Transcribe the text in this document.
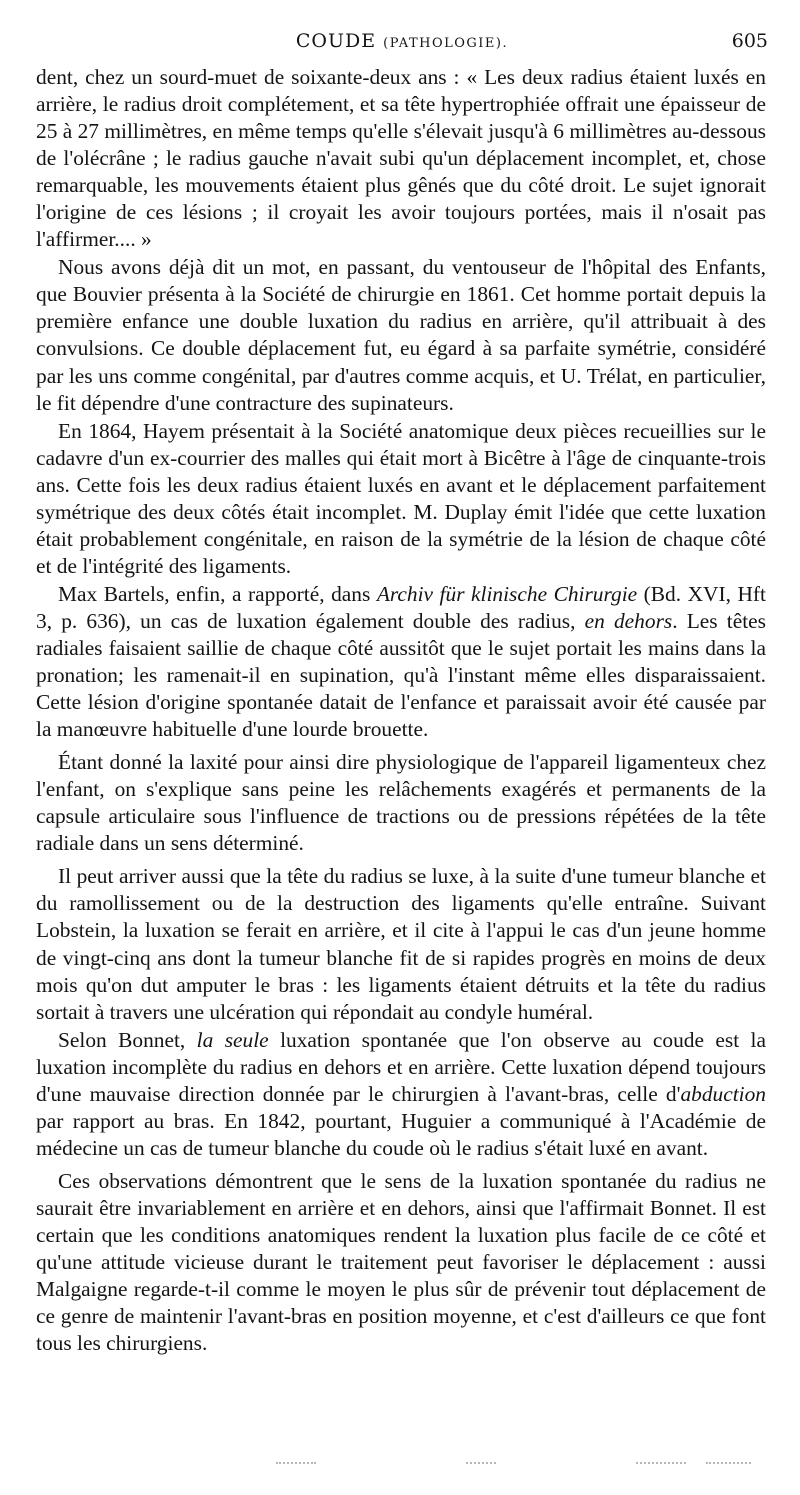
COUDE (PATHOLOGIE).	605

dent, chez un sourd-muet de soixante-deux ans : « Les deux radius étaient luxés en arrière, le radius droit complétement, et sa tête hypertrophiée offrait une épaisseur de 25 à 27 millimètres, en même temps qu'elle s'élevait jusqu'à 6 millimètres au-dessous de l'olécrâne ; le radius gauche n'avait subi qu'un déplacement incomplet, et, chose remarquable, les mouvements étaient plus gênés que du côté droit. Le sujet ignorait l'origine de ces lésions ; il croyait les avoir toujours portées, mais il n'osait pas l'affirmer.... »

Nous avons déjà dit un mot, en passant, du ventouseur de l'hôpital des Enfants, que Bouvier présenta à la Société de chirurgie en 1861. Cet homme portait depuis la première enfance une double luxation du radius en arrière, qu'il attribuait à des convulsions. Ce double déplacement fut, eu égard à sa parfaite symétrie, considéré par les uns comme congénital, par d'autres comme acquis, et U. Trélat, en particulier, le fit dépendre d'une contracture des supinateurs.

En 1864, Hayem présentait à la Société anatomique deux pièces recueillies sur le cadavre d'un ex-courrier des malles qui était mort à Bicêtre à l'âge de cinquante-trois ans. Cette fois les deux radius étaient luxés en avant et le déplacement parfaitement symétrique des deux côtés était incomplet. M. Duplay émit l'idée que cette luxation était probablement congénitale, en raison de la symétrie de la lésion de chaque côté et de l'intégrité des ligaments.

Max Bartels, enfin, a rapporté, dans Archiv für klinische Chirurgie (Bd. XVI, Hft 3, p. 636), un cas de luxation également double des radius, en dehors. Les têtes radiales faisaient saillie de chaque côté aussitôt que le sujet portait les mains dans la pronation; les ramenait-il en supination, qu'à l'instant même elles disparaissaient. Cette lésion d'origine spontanée datait de l'enfance et paraissait avoir été causée par la manœuvre habituelle d'une lourde brouette.

Étant donné la laxité pour ainsi dire physiologique de l'appareil ligamenteux chez l'enfant, on s'explique sans peine les relâchements exagérés et permanents de la capsule articulaire sous l'influence de tractions ou de pressions répétées de la tête radiale dans un sens déterminé.

Il peut arriver aussi que la tête du radius se luxe, à la suite d'une tumeur blanche et du ramollissement ou de la destruction des ligaments qu'elle entraîne. Suivant Lobstein, la luxation se ferait en arrière, et il cite à l'appui le cas d'un jeune homme de vingt-cinq ans dont la tumeur blanche fit de si rapides progrès en moins de deux mois qu'on dut amputer le bras : les ligaments étaient détruits et la tête du radius sortait à travers une ulcération qui répondait au condyle huméral.

Selon Bonnet, la seule luxation spontanée que l'on observe au coude est la luxation incomplète du radius en dehors et en arrière. Cette luxation dépend toujours d'une mauvaise direction donnée par le chirurgien à l'avant-bras, celle d'abduction par rapport au bras. En 1842, pourtant, Huguier a communiqué à l'Académie de médecine un cas de tumeur blanche du coude où le radius s'était luxé en avant.

Ces observations démontrent que le sens de la luxation spontanée du radius ne saurait être invariablement en arrière et en dehors, ainsi que l'affirmait Bonnet. Il est certain que les conditions anatomiques rendent la luxation plus facile de ce côté et qu'une attitude vicieuse durant le traitement peut favoriser le déplacement : aussi Malgaigne regarde-t-il comme le moyen le plus sûr de prévenir tout déplacement de ce genre de maintenir l'avant-bras en position moyenne, et c'est d'ailleurs ce que font tous les chirurgiens.
